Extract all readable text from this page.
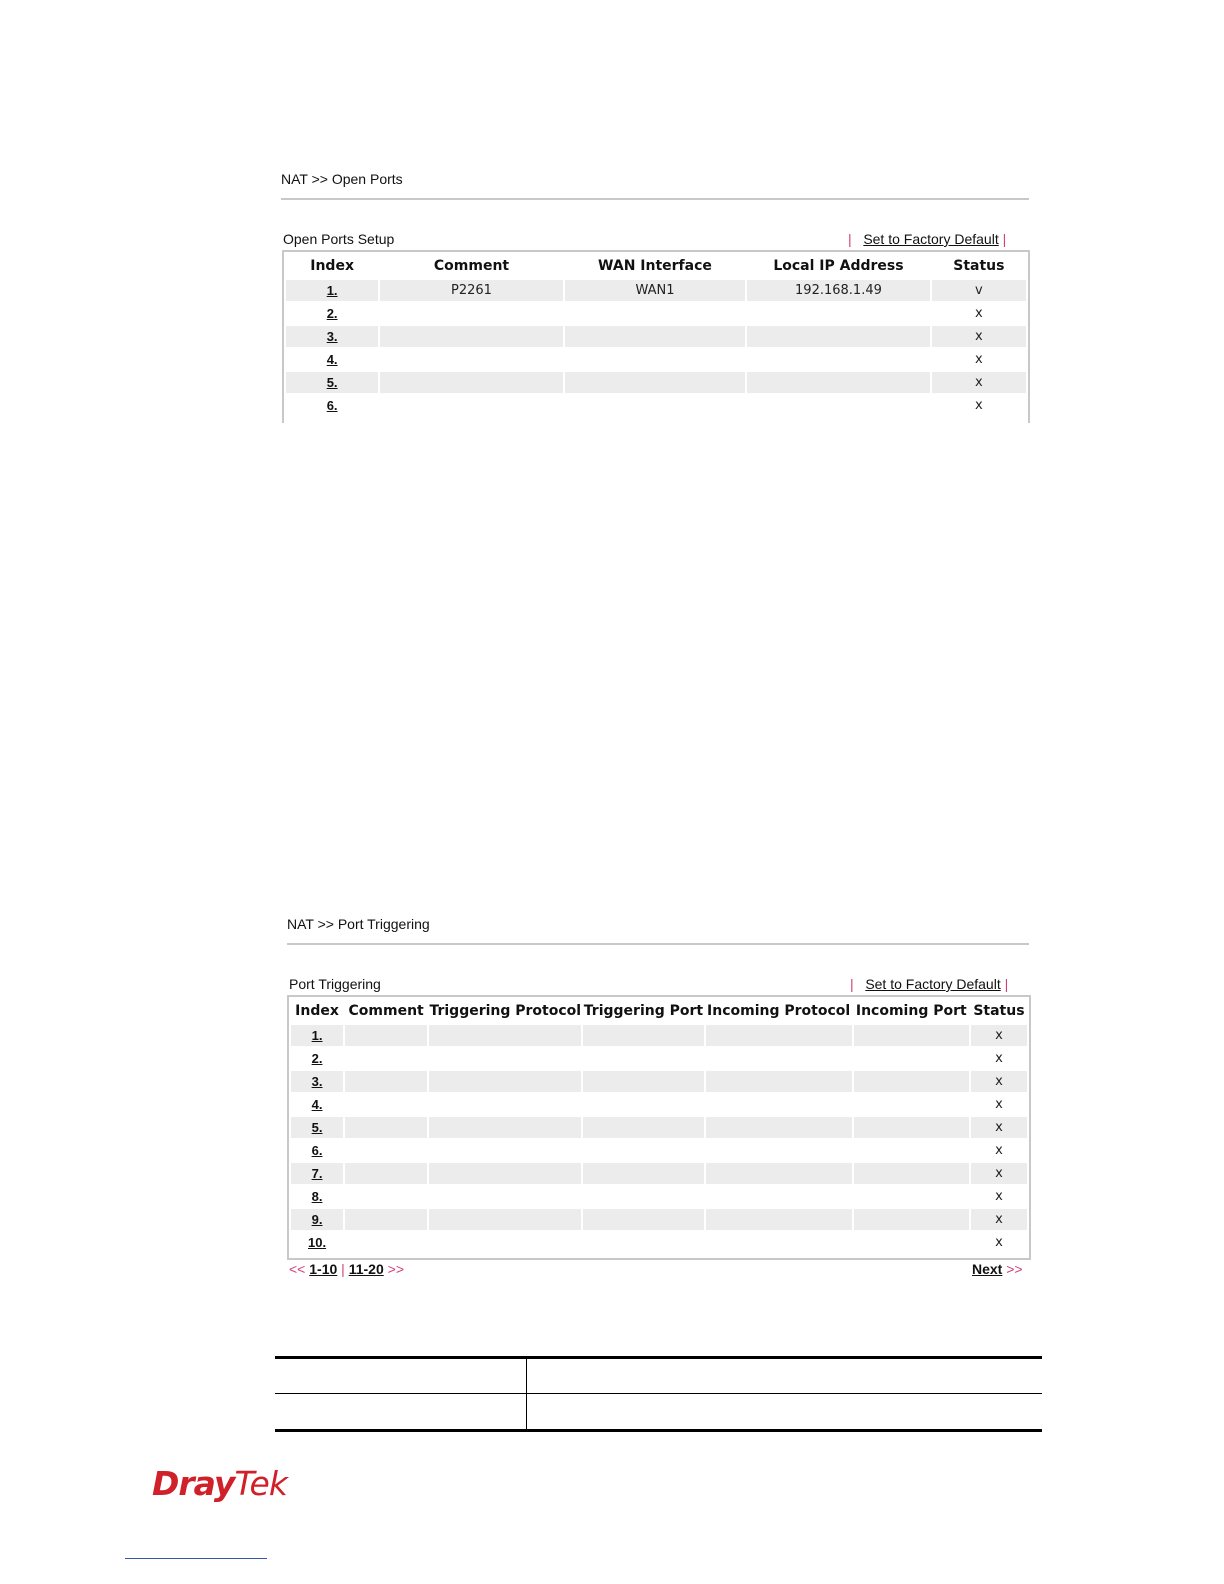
NAT >> Open Ports
Open Ports Setup	| Set to Factory Default |
Index	Comment	WAN Interface	Local IP Address	Status
1.	P2261	WAN1	192.168.1.49	v
2.				x
3.				x
4.				x
5.				x
6.				x
NAT >> Port Triggering
Port Triggering	| Set to Factory Default |
Index	Comment	Triggering Protocol	Triggering Port	Incoming Protocol	Incoming Port	Status
1.						x
2.						x
3.						x
4.						x
5.						x
6.						x
7.						x
8.						x
9.						x
10.						x
<< 1-10 | 11-20 >>	Next >>
DrayTek
